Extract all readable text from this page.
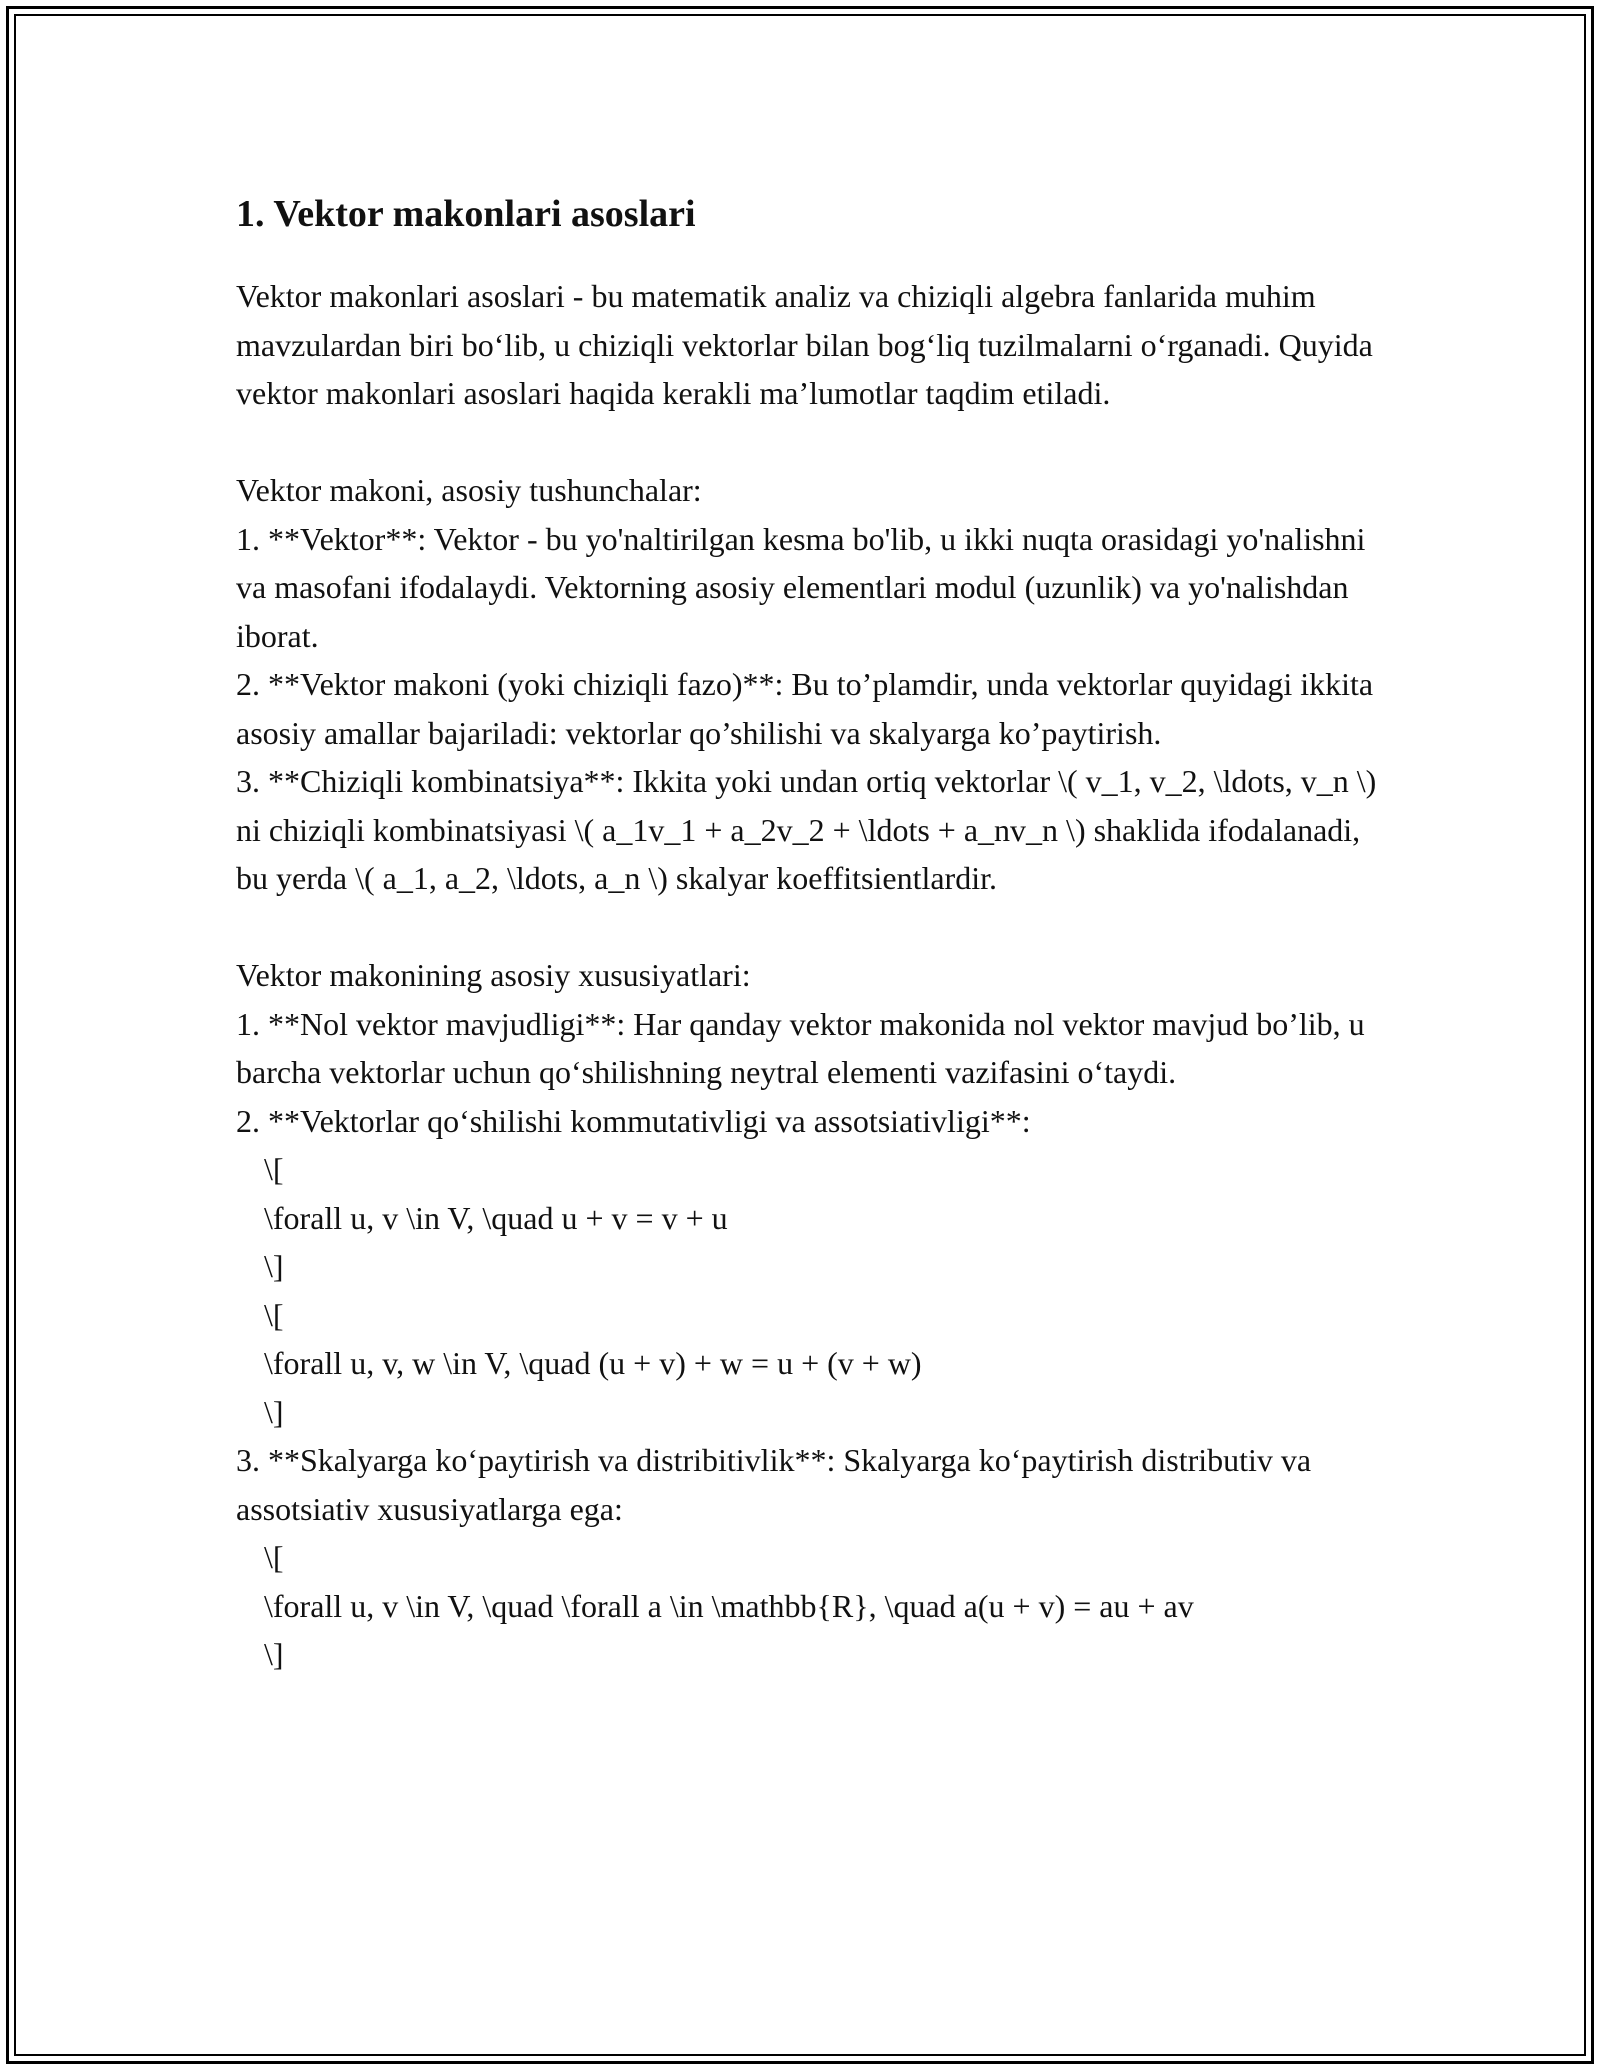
1. Vektor makonlari asoslari

Vektor makonlari asoslari - bu matematik analiz va chiziqli algebra fanlarida muhim mavzulardan biri bo‘lib, u chiziqli vektorlar bilan bog‘liq tuzilmalarni o‘rganadi. Quyida vektor makonlari asoslari haqida kerakli ma’lumotlar taqdim etiladi.

Vektor makoni, asosiy tushunchalar:

1. **Vektor**: Vektor - bu yo'naltirilgan kesma bo'lib, u ikki nuqta orasidagi yo'nalishni va masofani ifodalaydi. Vektorning asosiy elementlari modul (uzunlik) va yo'nalishdan iborat.

2. **Vektor makoni (yoki chiziqli fazo)**: Bu to’plamdir, unda vektorlar quyidagi ikkita asosiy amallar bajariladi: vektorlar qo’shilishi va skalyarga ko’paytirish.

3. **Chiziqli kombinatsiya**: Ikkita yoki undan ortiq vektorlar \( v_1, v_2, \ldots, v_n \) ni chiziqli kombinatsiyasi \( a_1v_1 + a_2v_2 + \ldots + a_nv_n \) shaklida ifodalanadi, bu yerda \( a_1, a_2, \ldots, a_n \) skalyar koeffitsientlardir.

Vektor makonining asosiy xususiyatlari:

1. **Nol vektor mavjudligi**: Har qanday vektor makonida nol vektor mavjud bo’lib, u barcha vektorlar uchun qo‘shilishning neytral elementi vazifasini o‘taydi.

2. **Vektorlar qo‘shilishi kommutativligi va assotsiativligi**:

\[

\forall u, v \in V, \quad u + v = v + u

\]

\[

\forall u, v, w \in V, \quad (u + v) + w = u + (v + w)

\]

3. **Skalyarga ko‘paytirish va distribitivlik**: Skalyarga ko‘paytirish distributiv va assotsiativ xususiyatlarga ega:

\[

\forall u, v \in V, \quad \forall a \in \mathbb{R}, \quad a(u + v) = au + av

\]
